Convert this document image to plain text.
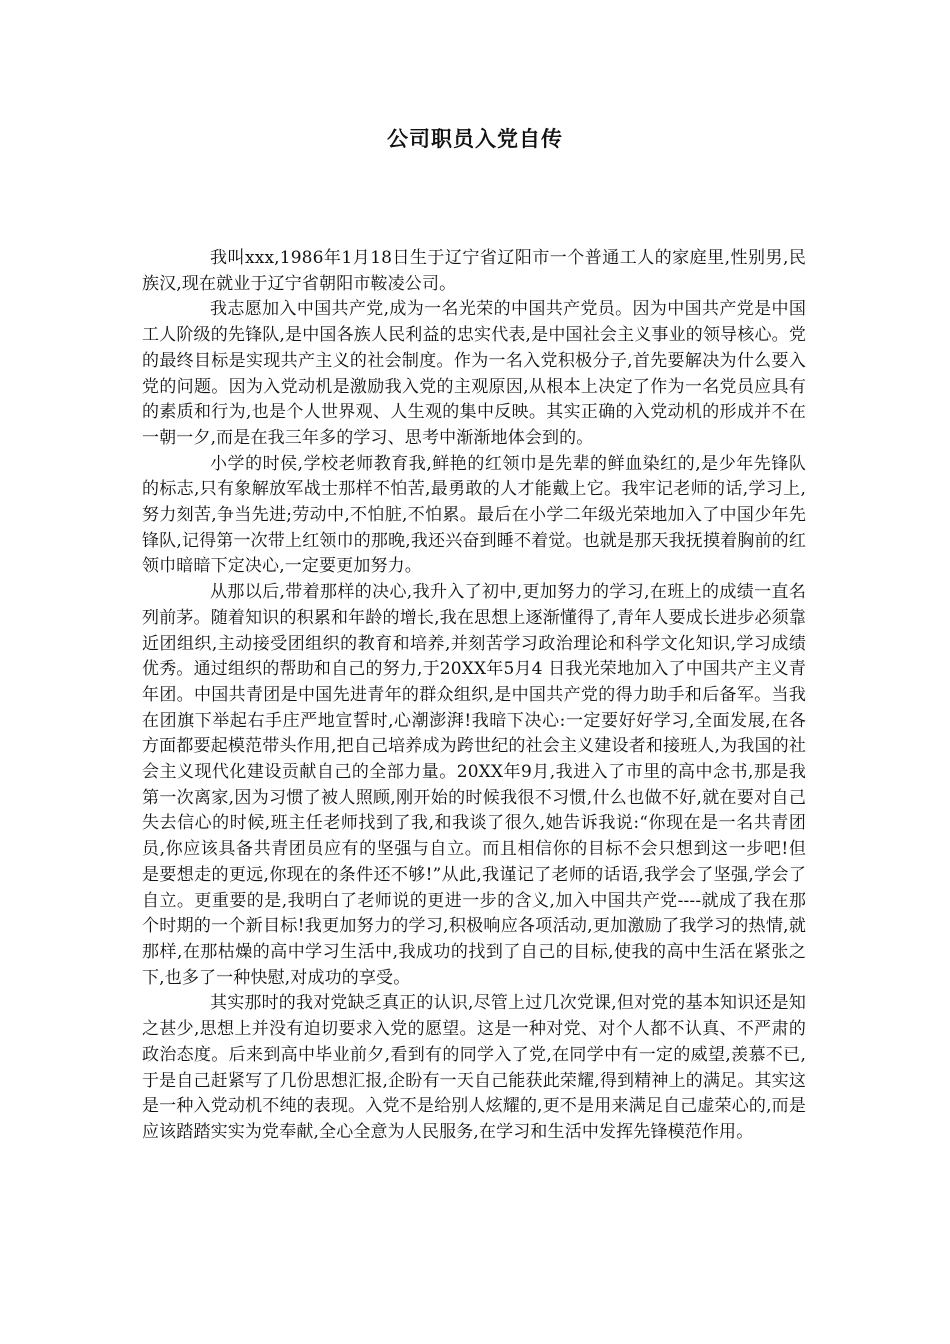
公司职员入党自传

我叫xxx,1986年1月18日生于辽宁省辽阳市一个普通工人的家庭里,性别男,民族汉,现在就业于辽宁省朝阳市鞍凌公司。

我志愿加入中国共产党,成为一名光荣的中国共产党员。因为中国共产党是中国工人阶级的先锋队,是中国各族人民利益的忠实代表,是中国社会主义事业的领导核心。党的最终目标是实现共产主义的社会制度。作为一名入党积极分子,首先要解决为什么要入党的问题。因为入党动机是激励我入党的主观原因,从根本上决定了作为一名党员应具有的素质和行为,也是个人世界观、人生观的集中反映。其实正确的入党动机的形成并不在一朝一夕,而是在我三年多的学习、思考中渐渐地体会到的。

小学的时侯,学校老师教育我,鲜艳的红领巾是先辈的鲜血染红的,是少年先锋队的标志,只有象解放军战士那样不怕苦,最勇敢的人才能戴上它。我牢记老师的话,学习上,努力刻苦,争当先进;劳动中,不怕脏,不怕累。最后在小学二年级光荣地加入了中国少年先锋队,记得第一次带上红领巾的那晚,我还兴奋到睡不着觉。也就是那天我抚摸着胸前的红领巾暗暗下定决心,一定要更加努力。

从那以后,带着那样的决心,我升入了初中,更加努力的学习,在班上的成绩一直名列前茅。随着知识的积累和年龄的增长,我在思想上逐渐懂得了,青年人要成长进步必须靠近团组织,主动接受团组织的教育和培养,并刻苦学习政治理论和科学文化知识,学习成绩优秀。通过组织的帮助和自己的努力,于20XX年5月4 日我光荣地加入了中国共产主义青年团。中国共青团是中国先进青年的群众组织,是中国共产党的得力助手和后备军。当我在团旗下举起右手庄严地宣誓时,心潮澎湃!我暗下决心:一定要好好学习,全面发展,在各方面都要起模范带头作用,把自己培养成为跨世纪的社会主义建设者和接班人,为我国的社会主义现代化建设贡献自己的全部力量。20XX年9月,我进入了市里的高中念书,那是我第一次离家,因为习惯了被人照顾,刚开始的时候我很不习惯,什么也做不好,就在要对自己失去信心的时候,班主任老师找到了我,和我谈了很久,她告诉我说:“你现在是一名共青团员,你应该具备共青团员应有的坚强与自立。而且相信你的目标不会只想到这一步吧!但是要想走的更远,你现在的条件还不够!”从此,我谨记了老师的话语,我学会了坚强,学会了自立。更重要的是,我明白了老师说的更进一步的含义,加入中国共产党----就成了我在那个时期的一个新目标!我更加努力的学习,积极响应各项活动,更加激励了我学习的热情,就那样,在那枯燥的高中学习生活中,我成功的找到了自己的目标,使我的高中生活在紧张之下,也多了一种快慰,对成功的享受。

其实那时的我对党缺乏真正的认识,尽管上过几次党课,但对党的基本知识还是知之甚少,思想上并没有迫切要求入党的愿望。这是一种对党、对个人都不认真、不严肃的政治态度。后来到高中毕业前夕,看到有的同学入了党,在同学中有一定的威望,羡慕不已,于是自己赶紧写了几份思想汇报,企盼有一天自己能获此荣耀,得到精神上的满足。其实这是一种入党动机不纯的表现。入党不是给别人炫耀的,更不是用来满足自己虚荣心的,而是应该踏踏实实为党奉献,全心全意为人民服务,在学习和生活中发挥先锋模范作用。
